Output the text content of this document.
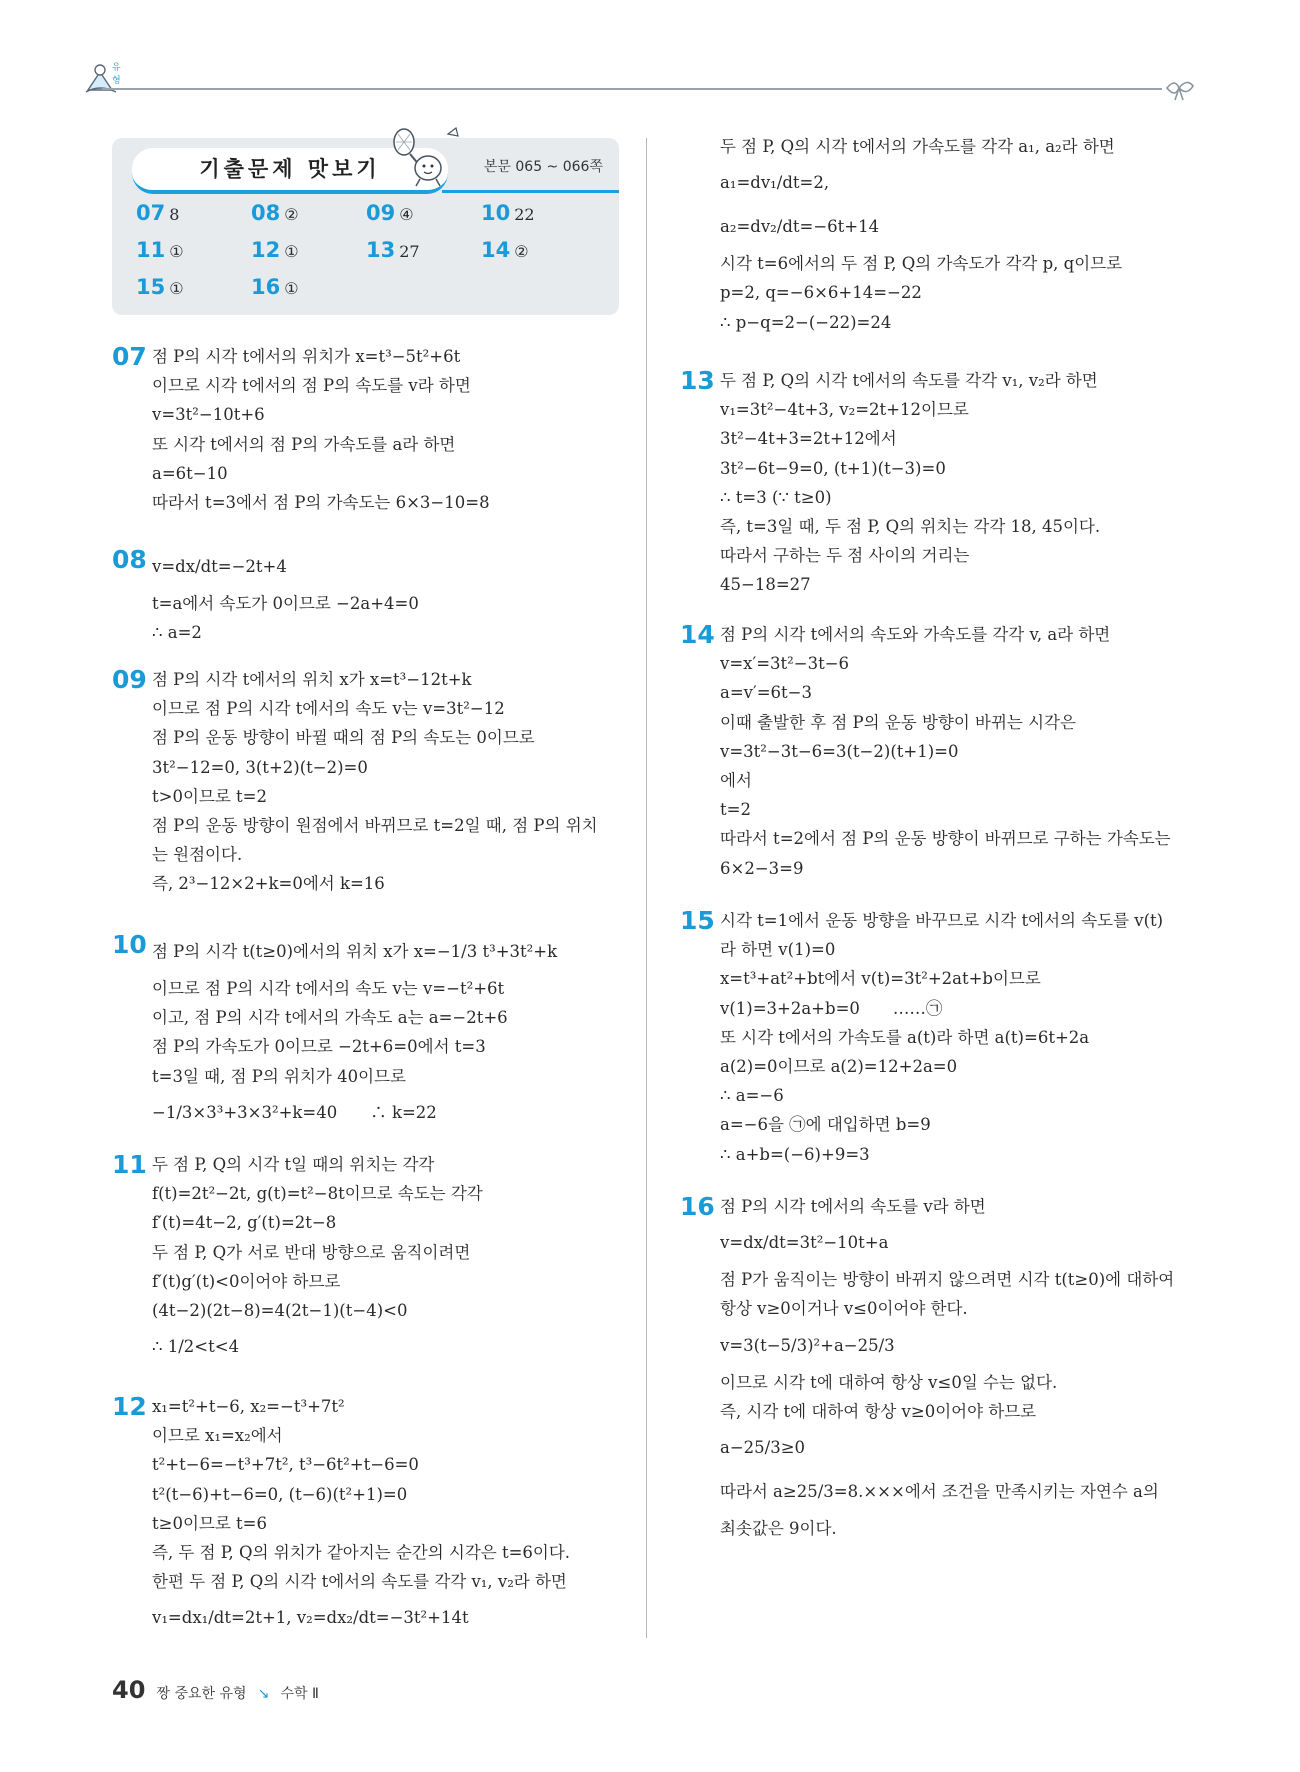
유형
기출문제 맛보기	본문 065 ~ 066쪽
07 8	08 ②	09 ④	10 22
11 ①	12 ①	13 27	14 ②
15 ①	16 ①
07 점 P의 시각 t에서의 위치가 x=t³−5t²+6t
이므로 시각 t에서의 점 P의 속도를 v라 하면
v=3t²−10t+6
또 시각 t에서의 점 P의 가속도를 a라 하면
a=6t−10
따라서 t=3에서 점 P의 가속도는 6×3−10=8
08 v=dx/dt=−2t+4
t=a에서 속도가 0이므로 −2a+4=0
∴ a=2
09 점 P의 시각 t에서의 위치 x가 x=t³−12t+k
이므로 점 P의 시각 t에서의 속도 v는 v=3t²−12
점 P의 운동 방향이 바뀔 때의 점 P의 속도는 0이므로
3t²−12=0, 3(t+2)(t−2)=0
t>0이므로 t=2
점 P의 운동 방향이 원점에서 바뀌므로 t=2일 때, 점 P의 위치
는 원점이다.
즉, 2³−12×2+k=0에서 k=16
10 점 P의 시각 t(t≥0)에서의 위치 x가 x=−1/3 t³+3t²+k
이므로 점 P의 시각 t에서의 속도 v는 v=−t²+6t
이고, 점 P의 시각 t에서의 가속도 a는 a=−2t+6
점 P의 가속도가 0이므로 −2t+6=0에서 t=3
t=3일 때, 점 P의 위치가 40이므로
−1/3×3³+3×3²+k=40　　∴ k=22
11 두 점 P, Q의 시각 t일 때의 위치는 각각
f(t)=2t²−2t, g(t)=t²−8t이므로 속도는 각각
f′(t)=4t−2, g′(t)=2t−8
두 점 P, Q가 서로 반대 방향으로 움직이려면
f′(t)g′(t)<0이어야 하므로
(4t−2)(2t−8)=4(2t−1)(t−4)<0
∴ 1/2<t<4
12 x₁=t²+t−6, x₂=−t³+7t²
이므로 x₁=x₂에서
t²+t−6=−t³+7t², t³−6t²+t−6=0
t²(t−6)+t−6=0, (t−6)(t²+1)=0
t≥0이므로 t=6
즉, 두 점 P, Q의 위치가 같아지는 순간의 시각은 t=6이다.
한편 두 점 P, Q의 시각 t에서의 속도를 각각 v₁, v₂라 하면
v₁=dx₁/dt=2t+1, v₂=dx₂/dt=−3t²+14t
두 점 P, Q의 시각 t에서의 가속도를 각각 a₁, a₂라 하면
a₁=dv₁/dt=2,
a₂=dv₂/dt=−6t+14
시각 t=6에서의 두 점 P, Q의 가속도가 각각 p, q이므로
p=2, q=−6×6+14=−22
∴ p−q=2−(−22)=24
13 두 점 P, Q의 시각 t에서의 속도를 각각 v₁, v₂라 하면
v₁=3t²−4t+3, v₂=2t+12이므로
3t²−4t+3=2t+12에서
3t²−6t−9=0, (t+1)(t−3)=0
∴ t=3 (∵ t≥0)
즉, t=3일 때, 두 점 P, Q의 위치는 각각 18, 45이다.
따라서 구하는 두 점 사이의 거리는
45−18=27
14 점 P의 시각 t에서의 속도와 가속도를 각각 v, a라 하면
v=x′=3t²−3t−6
a=v′=6t−3
이때 출발한 후 점 P의 운동 방향이 바뀌는 시각은
v=3t²−3t−6=3(t−2)(t+1)=0
에서
t=2
따라서 t=2에서 점 P의 운동 방향이 바뀌므로 구하는 가속도는
6×2−3=9
15 시각 t=1에서 운동 방향을 바꾸므로 시각 t에서의 속도를 v(t)
라 하면 v(1)=0
x=t³+at²+bt에서 v(t)=3t²+2at+b이므로
v(1)=3+2a+b=0　　……㉠
또 시각 t에서의 가속도를 a(t)라 하면 a(t)=6t+2a
a(2)=0이므로 a(2)=12+2a=0
∴ a=−6
a=−6을 ㉠에 대입하면 b=9
∴ a+b=(−6)+9=3
16 점 P의 시각 t에서의 속도를 v라 하면
v=dx/dt=3t²−10t+a
점 P가 움직이는 방향이 바뀌지 않으려면 시각 t(t≥0)에 대하여
항상 v≥0이거나 v≤0이어야 한다.
v=3(t−5/3)²+a−25/3
이므로 시각 t에 대하여 항상 v≤0일 수는 없다.
즉, 시각 t에 대하여 항상 v≥0이어야 하므로
a−25/3≥0
따라서 a≥25/3=8.×××에서 조건을 만족시키는 자연수 a의
최솟값은 9이다.
40 짱 중요한 유형 ↘ 수학 Ⅱ
